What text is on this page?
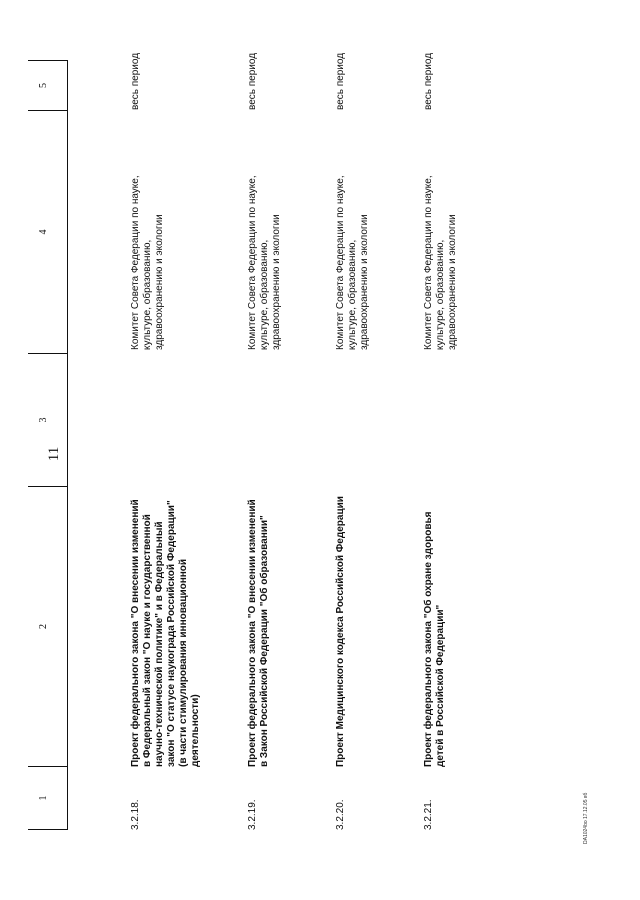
11
1
2
3
4
5
3.2.18.
Проект федерального закона "О внесении изменений в Федеральный закон "О науке и государственной научно-технической политике" и в Федеральный закон "О статусе наукограда Российской Федерации" (в части стимулирования инновационной деятельности)
Комитет Совета Федерации по науке, культуре, образованию, здравоохранению и экологии
весь период
3.2.19.
Проект федерального закона "О внесении изменений в Закон Российской Федерации "Об образовании"
Комитет Совета Федерации по науке, культуре, образованию, здравоохранению и экологии
весь период
3.2.20.
Проект Медицинского кодекса Российской Федерации
Комитет Совета Федерации по науке, культуре, образованию, здравоохранению и экологии
весь период
3.2.21.
Проект федерального закона "Об охране здоровья детей в Российской Федерации"
Комитет Совета Федерации по науке, культуре, образованию, здравоохранению и экологии
весь период
DA1024bo 17.12.05 вб
